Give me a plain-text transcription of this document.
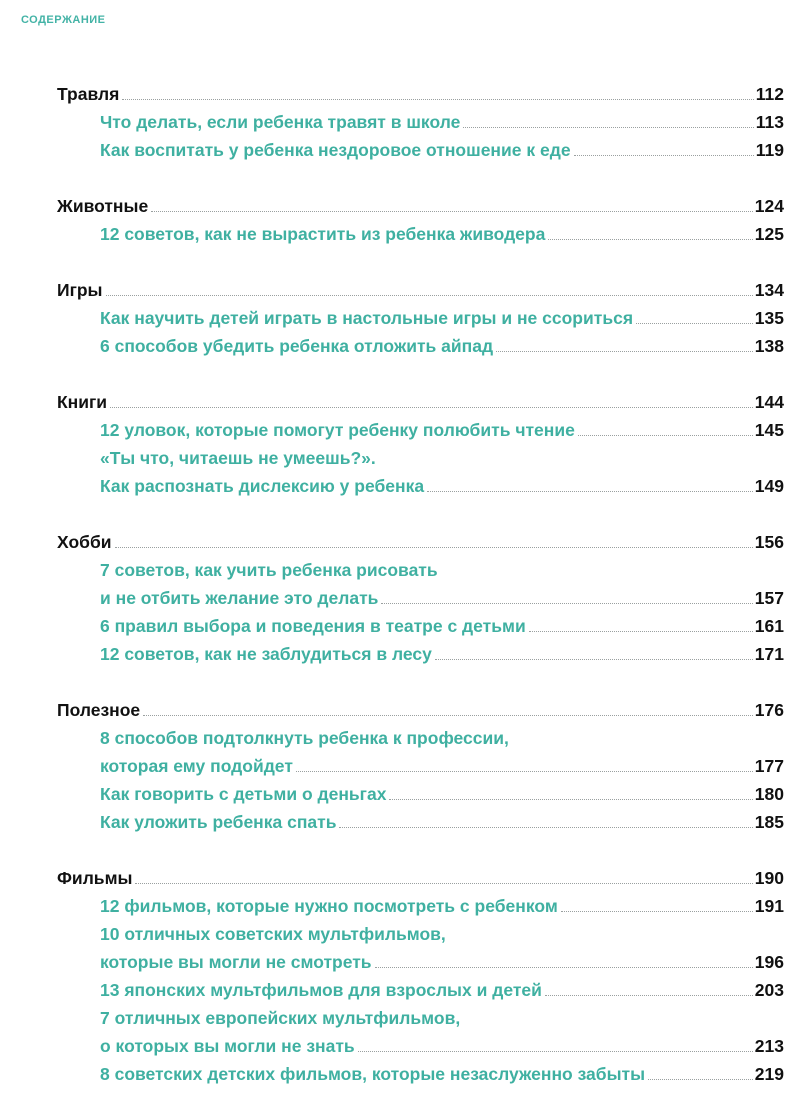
СОДЕРЖАНИЕ
Травля	112
Что делать, если ребенка травят в школе	113
Как воспитать у ребенка нездоровое отношение к еде	119
Животные	124
12 советов, как не вырастить из ребенка живодера	125
Игры	134
Как научить детей играть в настольные игры и не ссориться	135
6 способов убедить ребенка отложить айпад	138
Книги	144
12 уловок, которые помогут ребенку полюбить чтение	145
«Ты что, читаешь не умеешь?».
Как распознать дислексию у ребенка	149
Хобби	156
7 советов, как учить ребенка рисовать
и не отбить желание это делать	157
6 правил выбора и поведения в театре с детьми	161
12 советов, как не заблудиться в лесу	171
Полезное	176
8 способов подтолкнуть ребенка к профессии,
которая ему подойдет	177
Как говорить с детьми о деньгах	180
Как уложить ребенка спать	185
Фильмы	190
12 фильмов, которые нужно посмотреть с ребенком	191
10 отличных советских мультфильмов,
которые вы могли не смотреть	196
13 японских мультфильмов для взрослых и детей	203
7 отличных европейских мультфильмов,
о которых вы могли не знать	213
8 советских детских фильмов, которые незаслуженно забыты	219
